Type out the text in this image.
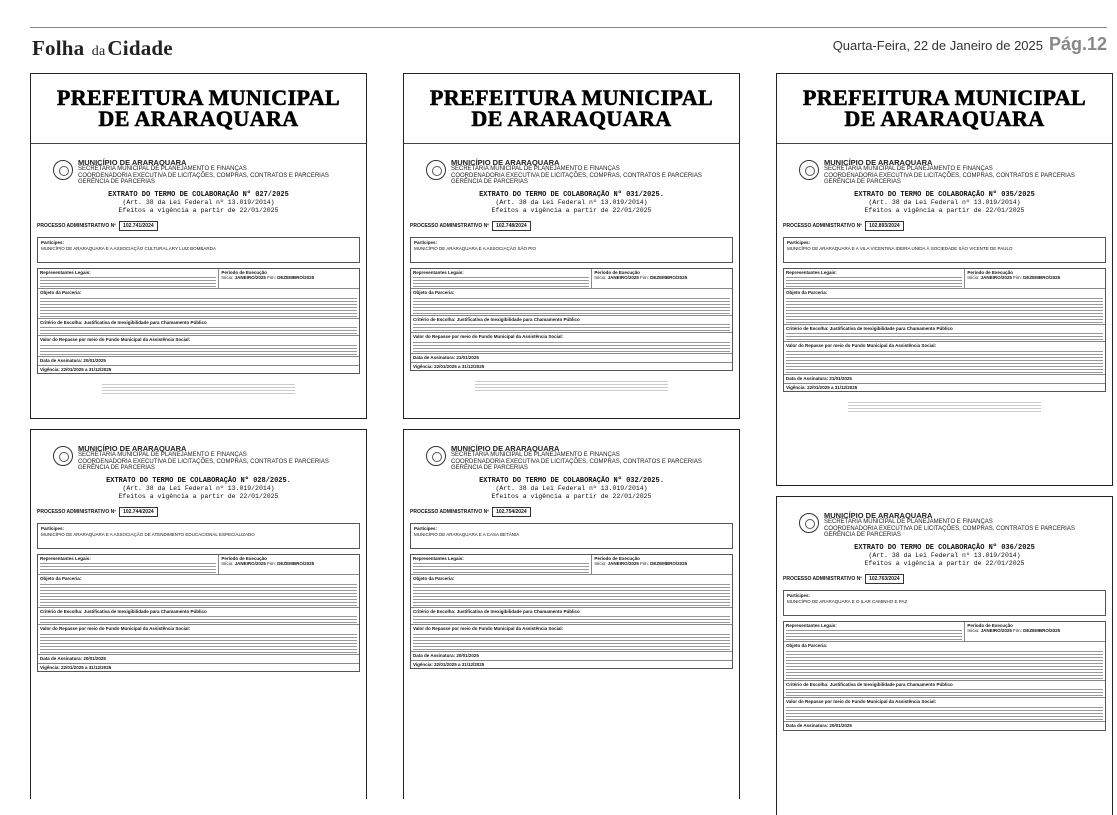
Folha daCidade	Quarta-Feira, 22 de Janeiro de 2025 Pág.12
PREFEITURA MUNICIPAL
DE ARARAQUARA
MUNICÍPIO DE ARARAQUARA
SECRETARIA MUNICIPAL DE PLANEJAMENTO E FINANÇAS
COORDENADORIA EXECUTIVA DE LICITAÇÕES, COMPRAS, CONTRATOS E PARCERIAS
GERÊNCIA DE PARCERIAS
EXTRATO DO TERMO DE COLABORAÇÃO Nº 027/2025
(Art. 38 da Lei Federal nº 13.019/2014)
Efeitos a vigência a partir de 22/01/2025
PROCESSO ADMINISTRATIVO Nº	102.741/2024
Partícipes:
MUNICÍPIO DE ARARAQUARA E A ASSOCIAÇÃO CULTURAL ARY LUIZ BOMBARDA
Representantes Legais:	Período de Execução
Início: JANEIRO/2025 Fim: DEZEMBRO/2025
Objeto da Parceria:
Critério de Escolha: Justificativa de Inexigibilidade para Chamamento Público
Valor do Repasse por meio do Fundo Municipal da Assistência Social:
Data de Assinatura: 20/01/2025
Vigência: 22/01/2025 a 31/12/2025
MUNICÍPIO DE ARARAQUARA
SECRETARIA MUNICIPAL DE PLANEJAMENTO E FINANÇAS
COORDENADORIA EXECUTIVA DE LICITAÇÕES, COMPRAS, CONTRATOS E PARCERIAS
GERÊNCIA DE PARCERIAS
EXTRATO DO TERMO DE COLABORAÇÃO Nº 028/2025.
(Art. 38 da Lei Federal nº 13.019/2014)
Efeitos a vigência a partir de 22/01/2025
PROCESSO ADMINISTRATIVO Nº	102.744/2024
Partícipes:
MUNICÍPIO DE ARARAQUARA E A ASSOCIAÇÃO DE ATENDIMENTO EDUCACIONAL ESPECIALIZADO
Representantes Legais:	Período de Execução
Início: JANEIRO/2025 Fim: DEZEMBRO/2025
Objeto da Parceria:
Critério de Escolha: Justificativa de Inexigibilidade para Chamamento Público
Valor do Repasse por meio do Fundo Municipal da Assistência Social:
Data de Assinatura: 20/01/2025
Vigência: 22/01/2025 a 31/12/2025
PREFEITURA MUNICIPAL
DE ARARAQUARA
MUNICÍPIO DE ARARAQUARA
SECRETARIA MUNICIPAL DE PLANEJAMENTO E FINANÇAS
COORDENADORIA EXECUTIVA DE LICITAÇÕES, COMPRAS, CONTRATOS E PARCERIAS
GERÊNCIA DE PARCERIAS
EXTRATO DO TERMO DE COLABORAÇÃO Nº 031/2025.
(Art. 38 da Lei Federal nº 13.019/2014)
Efeitos a vigência a partir de 22/01/2025
PROCESSO ADMINISTRATIVO Nº	102.748/2024
Partícipes:
MUNICÍPIO DE ARARAQUARA E A ASSOCIAÇÃO SÃO PIO
Representantes Legais:	Período de Execução
Início: JANEIRO/2025 Fim: DEZEMBRO/2025
Objeto da Parceria:
Critério de Escolha: Justificativa de Inexigibilidade para Chamamento Público
Valor do Repasse por meio do Fundo Municipal da Assistência Social:
Data de Assinatura: 21/01/2025
Vigência: 22/01/2025 a 31/12/2025
MUNICÍPIO DE ARARAQUARA
SECRETARIA MUNICIPAL DE PLANEJAMENTO E FINANÇAS
COORDENADORIA EXECUTIVA DE LICITAÇÕES, COMPRAS, CONTRATOS E PARCERIAS
GERÊNCIA DE PARCERIAS
EXTRATO DO TERMO DE COLABORAÇÃO Nº 032/2025.
(Art. 38 da Lei Federal nº 13.019/2014)
Efeitos a vigência a partir de 22/01/2025
PROCESSO ADMINISTRATIVO Nº	102.754/2024
Partícipes:
MUNICÍPIO DE ARARAQUARA E A CASA BETÂNIA
Representantes Legais:	Período de Execução
Início: JANEIRO/2025 Fim: DEZEMBRO/2025
Objeto da Parceria:
Critério de Escolha: Justificativa de Inexigibilidade para Chamamento Público
Valor do Repasse por meio do Fundo Municipal da Assistência Social:
Data de Assinatura: 20/01/2025
Vigência: 22/01/2025 a 31/12/2025
PREFEITURA MUNICIPAL
DE ARARAQUARA
MUNICÍPIO DE ARARAQUARA
SECRETARIA MUNICIPAL DE PLANEJAMENTO E FINANÇAS
COORDENADORIA EXECUTIVA DE LICITAÇÕES, COMPRAS, CONTRATOS E PARCERIAS
GERÊNCIA DE PARCERIAS
EXTRATO DO TERMO DE COLABORAÇÃO Nº 035/2025
(Art. 38 da Lei Federal nº 13.019/2014)
Efeitos a vigência a partir de 22/01/2025
PROCESSO ADMINISTRATIVO Nº	102.893/2024
Partícipes:
MUNICÍPIO DE ARARAQUARA E A VILA VICENTINA IDEIRA UNIDA À SOCIEDADE SÃO VICENTE DE PAULO
Representantes Legais:	Período de Execução
Início: JANEIRO/2025 Fim: DEZEMBRO/2025
Objeto da Parceria:
Critério de Escolha: Justificativa de Inexigibilidade para Chamamento Público
Valor do Repasse por meio do Fundo Municipal da Assistência Social:
Data de Assinatura: 21/01/2025
Vigência: 22/01/2025 a 31/12/2025
MUNICÍPIO DE ARARAQUARA
SECRETARIA MUNICIPAL DE PLANEJAMENTO E FINANÇAS
COORDENADORIA EXECUTIVA DE LICITAÇÕES, COMPRAS, CONTRATOS E PARCERIAS
GERÊNCIA DE PARCERIAS
EXTRATO DO TERMO DE COLABORAÇÃO Nº 036/2025
(Art. 38 da Lei Federal nº 13.019/2014)
Efeitos a vigência a partir de 22/01/2025
PROCESSO ADMINISTRATIVO Nº	102.763/2024
Partícipes:
MUNICÍPIO DE ARARAQUARA E O ILAR CAMINHO E PAZ
Representantes Legais:	Período de Execução
Início: JANEIRO/2025 Fim: DEZEMBRO/2025
Objeto da Parceria:
Critério de Escolha: Justificativa de Inexigibilidade para Chamamento Público
Valor do Repasse por meio do Fundo Municipal da Assistência Social:
Data de Assinatura: 20/01/2025
